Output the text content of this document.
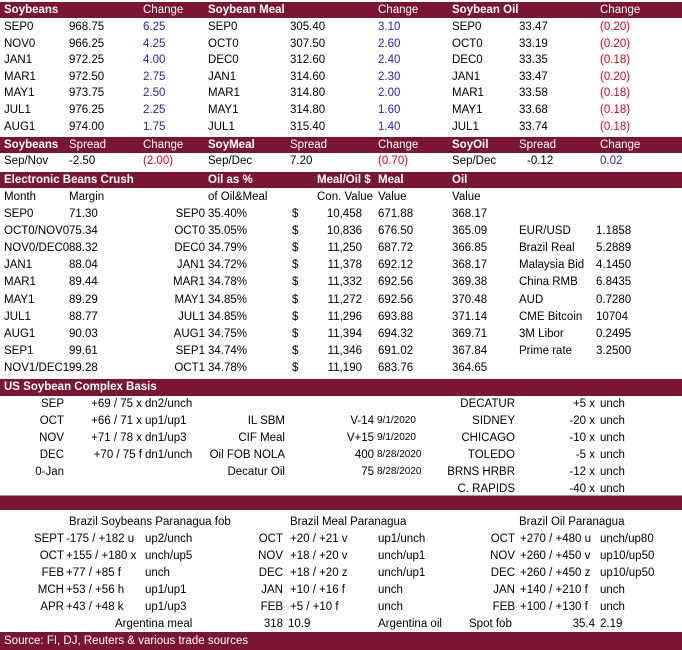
Soybeans	Change Soybean Meal	Change	Soybean Oil	Change
SEP0	968.75	6.25	SEP0	305.40	3.10	SEP0	33.47	(0.20)
NOV0	966.25	4.25	OCT0	307.50	2.60	OCT0	33.19	(0.20)
JAN1	972.25	4.00	DEC0	312.60	2.40	DEC0	33.35	(0.18)
MAR1	972.50	2.75	JAN1	314.60	2.30	JAN1	33.47	(0.20)
MAY1	973.75	2.50	MAR1	314.80	2.00	MAR1	33.58	(0.18)
JUL1	976.25	2.25	MAY1	314.80	1.60	MAY1	33.68	(0.18)
AUG1	974.00	1.75	JUL1	315.40	1.40	JUL1	33.74	(0.18)
Soybeans Spread	Change SoyMeal	Spread	Change	SoyOil	Spread	Change
Sep/Nov -2.50	(2.00)	Sep/Dec	7.20	(0.70)	Sep/Dec	-0.12	0.02
Electronic Beans Crush	Oil as %	Meal/Oil $ Meal	Oil
Month	Margin	of Oil&Meal	Con. Value Value	Value
SEP0	71.30	SEP0 35.40%	$	10,458 671.88	368.17
OCT0/NOV0 75.34	OCT0 35.05%	$	10,836 676.50	365.09	EUR/USD 1.1858
NOV0/DEC0 88.32	DEC0 34.79%	$	11,250 687.72	366.85	Brazil Real 5.2889
JAN1	88.04	JAN1 34.72%	$	11,378 692.12	368.17	Malaysia Bid 4.1450
MAR1	89.44	MAR1 34.78%	$	11,332 692.56	369.38	China RMB 6.8435
MAY1	89.29	MAY1 34.85%	$	11,272 692.56	370.48	AUD	0.7280
JUL1	88.77	JUL1 34.85%	$	11,296 693.88	371.14	CME Bitcoin 10704
AUG1	90.03	AUG1 34.75%	$	11,394 694.32	369.71	3M Libor	0.2495
SEP1	99.61	SEP1 34.74%	$	11,346 691.02	367.84	Prime rate 3.2500
NOV1/DEC1 99.28	OCT1 34.78%	$	11,190 683.76	364.65
US Soybean Complex Basis
SEP	+69 / 75 x dn2/unch	DECATUR	+5 x unch
OCT	+66 / 71 x up1/up1	IL SBM	V-14 9/1/2020	SIDNEY	-20 x unch
NOV	+71 / 78 x dn1/up3	CIF Meal	V+15 9/1/2020	CHICAGO	-10 x unch
DEC	+70 / 75 f dn1/unch	Oil FOB NOLA	400 8/28/2020	TOLEDO	-5 x unch
0-Jan	Decatur Oil	75 8/28/2020	BRNS HRBR	-12 x unch
C. RAPIDS	-40 x unch
Brazil Soybeans Paranagua fob	Brazil Meal Paranagua	Brazil Oil Paranagua
SEPT -175 / +182 u up2/unch	OCT +20 / +21 v	up1/unch	OCT +270 / +480 u unch/up80
OCT +155 / +180 x unch/up5	NOV +18 / +20 v	unch/up1	NOV +260 / +450 v up10/up50
FEB +77 / +85 f unch	DEC +18 / +20 z	unch/up1	DEC +260 / +450 z up10/up50
MCH +53 / +56 h up1/up1	JAN +10 / +16 f	unch	JAN +140 / +210 f unch
APR +43 / +48 k up1/up3	FEB +5 / +10 f	unch	FEB +100 / +130 f unch
Argentina meal	318 10.9	Argentina oil Spot fob	35.4 2.19
Source: FI, DJ, Reuters & various trade sources
